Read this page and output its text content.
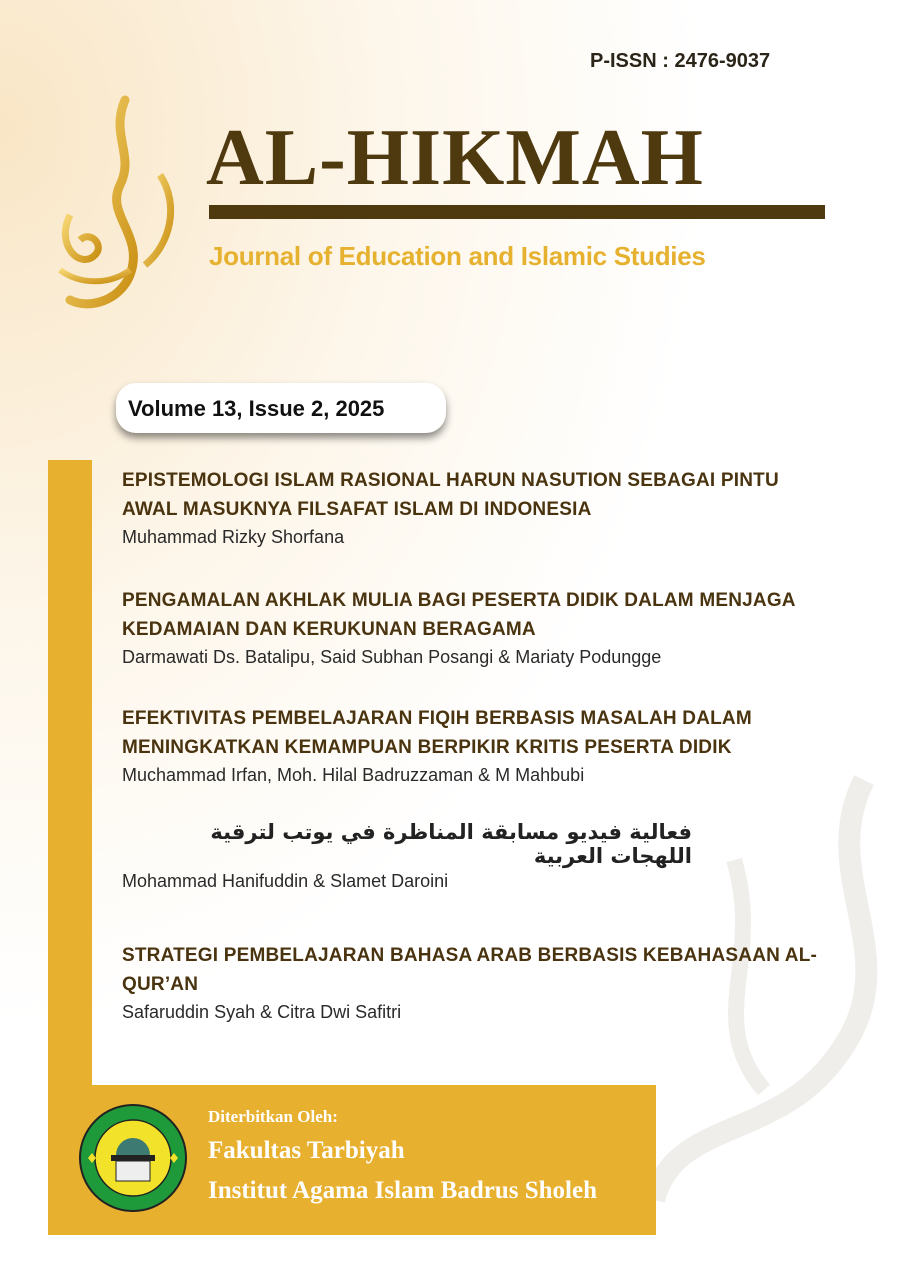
P-ISSN : 2476-9037
AL-HIKMAH
Journal of Education and Islamic Studies
Volume 13, Issue 2, 2025
EPISTEMOLOGI ISLAM RASIONAL HARUN NASUTION SEBAGAI PINTU AWAL MASUKNYA FILSAFAT ISLAM DI INDONESIA
Muhammad Rizky Shorfana
PENGAMALAN AKHLAK MULIA BAGI PESERTA DIDIK DALAM MENJAGA KEDAMAIAN DAN KERUKUNAN BERAGAMA
Darmawati Ds. Batalipu, Said Subhan Posangi & Mariaty Podungge
EFEKTIVITAS PEMBELAJARAN FIQIH BERBASIS MASALAH DALAM MENINGKATKAN KEMAMPUAN BERPIKIR KRITIS PESERTA DIDIK
Muchammad Irfan, Moh. Hilal Badruzzaman & M Mahbubi
فعالية فيديو مسابقة المناظرة في يوتب لترقية اللهجات العربية
Mohammad Hanifuddin & Slamet Daroini
STRATEGI PEMBELAJARAN BAHASA ARAB BERBASIS KEBAHASAAN AL-QUR’AN
Safaruddin Syah & Citra Dwi Safitri
Diterbitkan Oleh:
Fakultas Tarbiyah
Institut Agama Islam Badrus Sholeh
